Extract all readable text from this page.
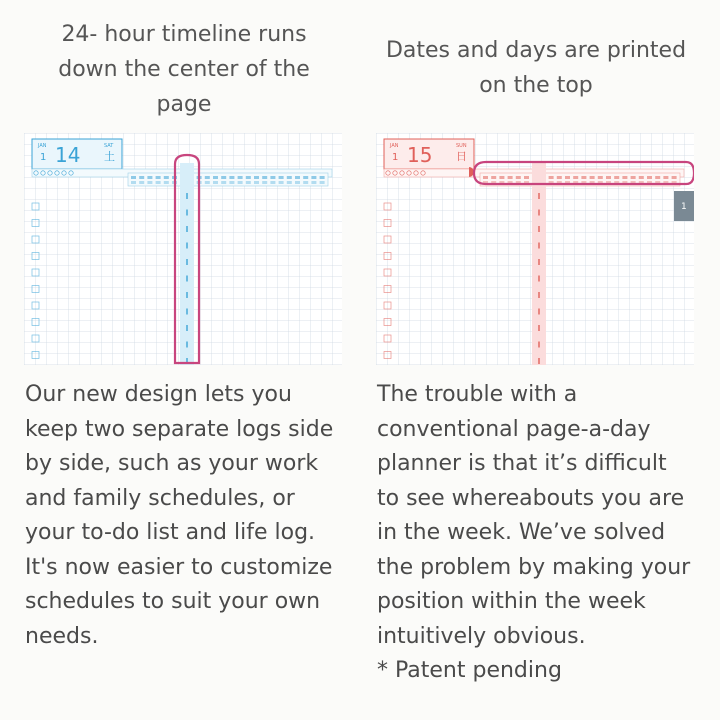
24- hour timeline runs
down the center of the
page
JAN
1 14	SAT
土

Our new design lets you
keep two separate logs side
by side, such as your work
and family schedules, or
your to-do list and life log.
It's now easier to customize
schedules to suit your own
needs.

Dates and days are printed
on the top
JAN
1 15	SUN
日
1

The trouble with a
conventional page-a-day
planner is that it’s difficult
to see whereabouts you are
in the week. We’ve solved
the problem by making your
position within the week
intuitively obvious.

* Patent pending
